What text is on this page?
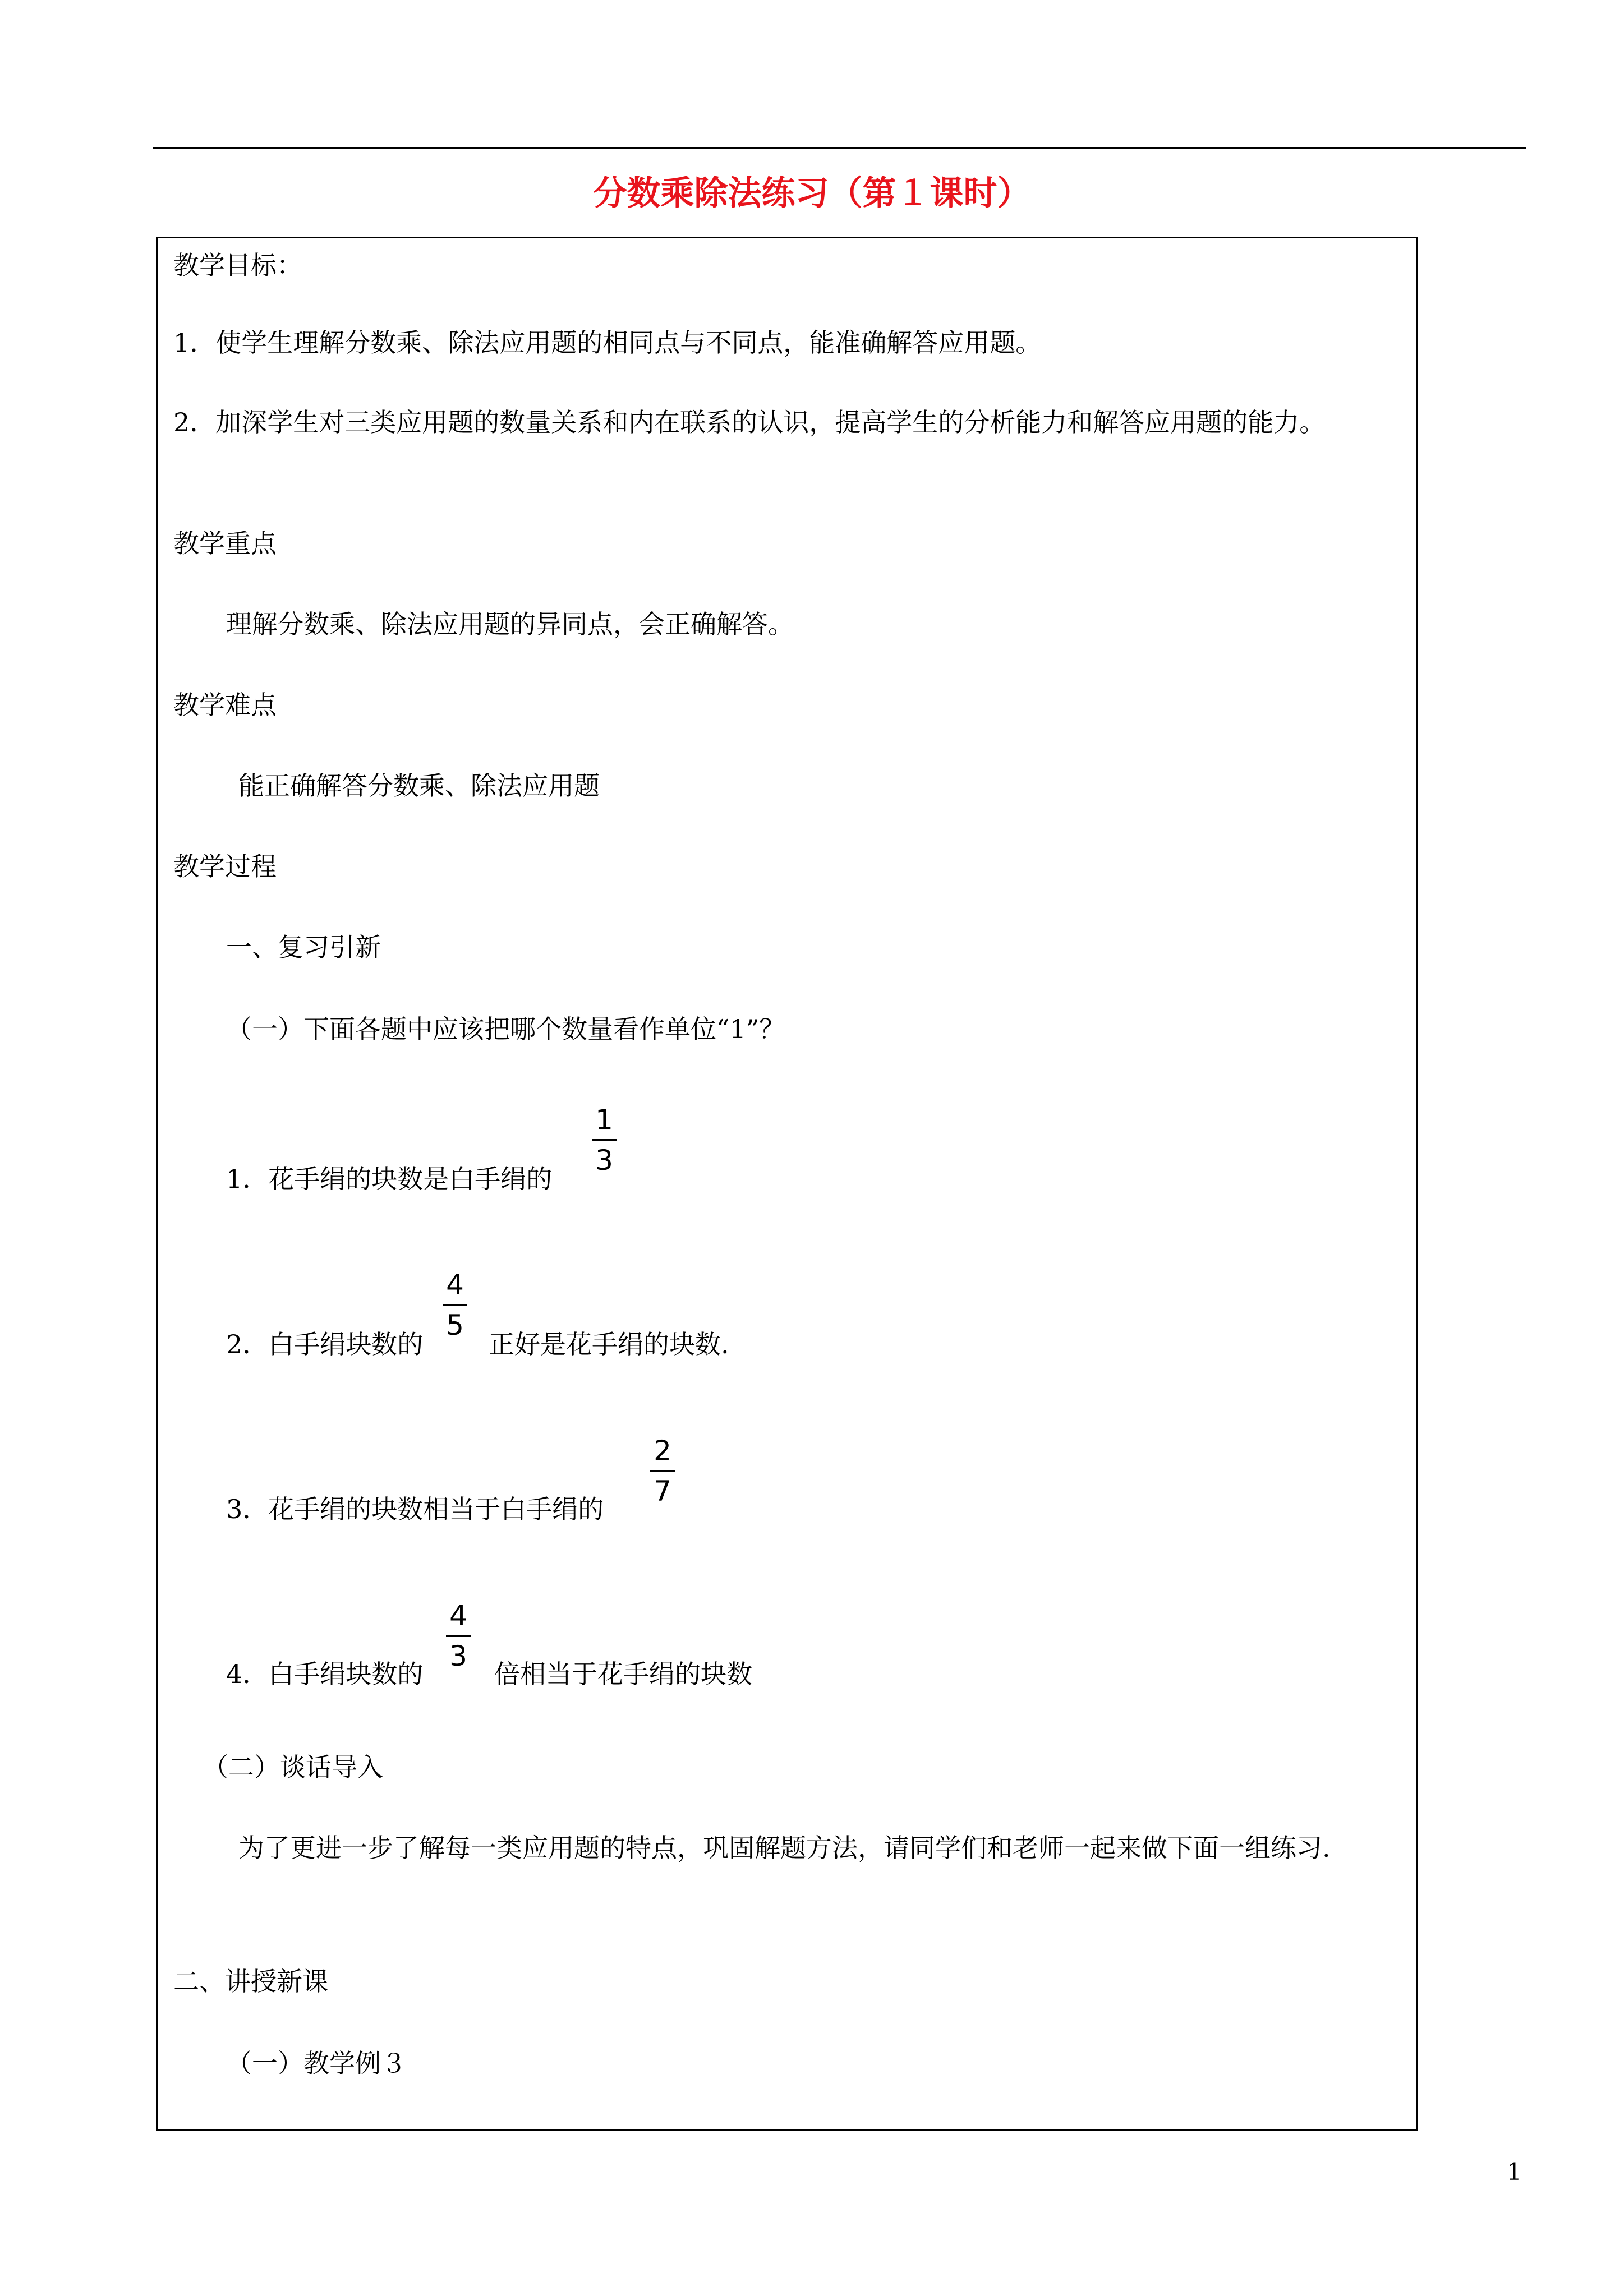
分数乘除法练习（第１课时）
教学目标：
1．使学生理解分数乘、除法应用题的相同点与不同点，能准确解答应用题。
2．加深学生对三类应用题的数量关系和内在联系的认识，提高学生的分析能力和解答应用题的能力。
教学重点
理解分数乘、除法应用题的异同点，会正确解答。
教学难点
能正确解答分数乘、除法应用题
教学过程
一、复习引新
（一）下面各题中应该把哪个数量看作单位“1”？
1．花手绢的块数是白手绢的
1
3
2．白手绢块数的
4
5
正好是花手绢的块数.
3．花手绢的块数相当于白手绢的
2
7
4．白手绢块数的
4
3
倍相当于花手绢的块数
（二）谈话导入
为了更进一步了解每一类应用题的特点，巩固解题方法，请同学们和老师一起来做下面一组练习.
二、讲授新课
（一）教学例３
1
